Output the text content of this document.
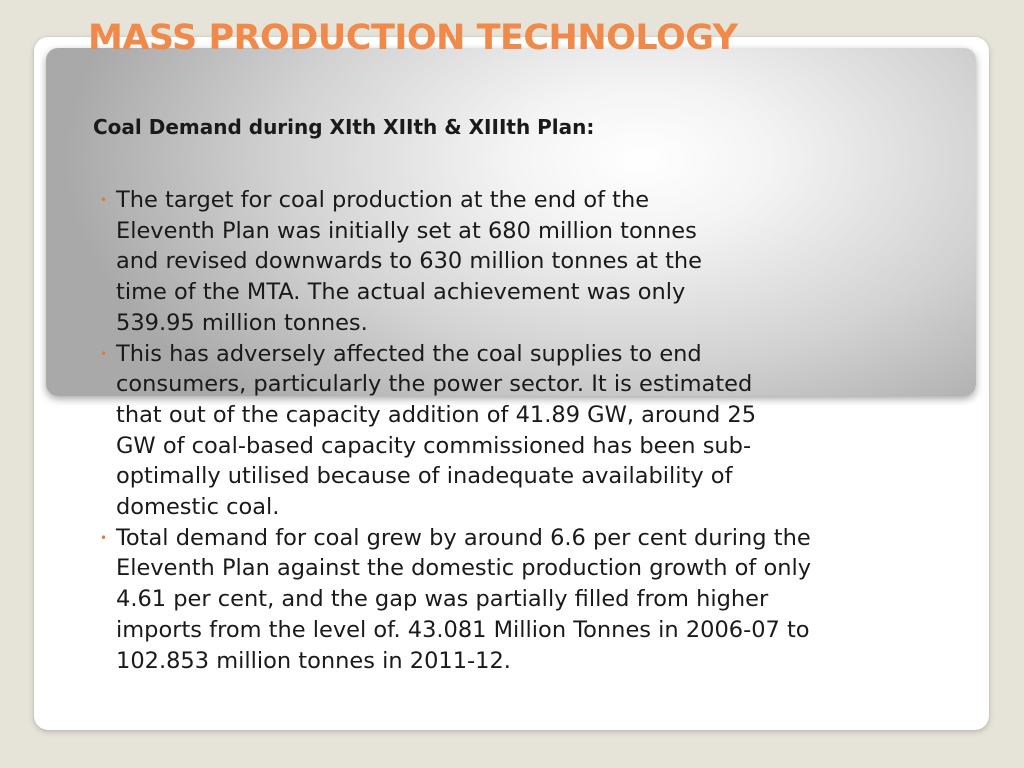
MASS PRODUCTION TECHNOLOGY
Coal Demand during XIth XIIth & XIIIth Plan:
• The target for coal production at the end of the Eleventh Plan was initially set at 680 million tonnes and revised downwards to 630 million tonnes at the time of the MTA. The actual achievement was only 539.95 million tonnes.
• This has adversely affected the coal supplies to end consumers, particularly the power sector. It is estimated that out of the capacity addition of 41.89 GW, around 25 GW of coal-based capacity commissioned has been sub-optimally utilised because of inadequate availability of domestic coal.
• Total demand for coal grew by around 6.6 per cent during the Eleventh Plan against the domestic production growth of only 4.61 per cent, and the gap was partially filled from higher imports from the level of. 43.081 Million Tonnes in 2006-07 to 102.853 million tonnes in 2011-12.
